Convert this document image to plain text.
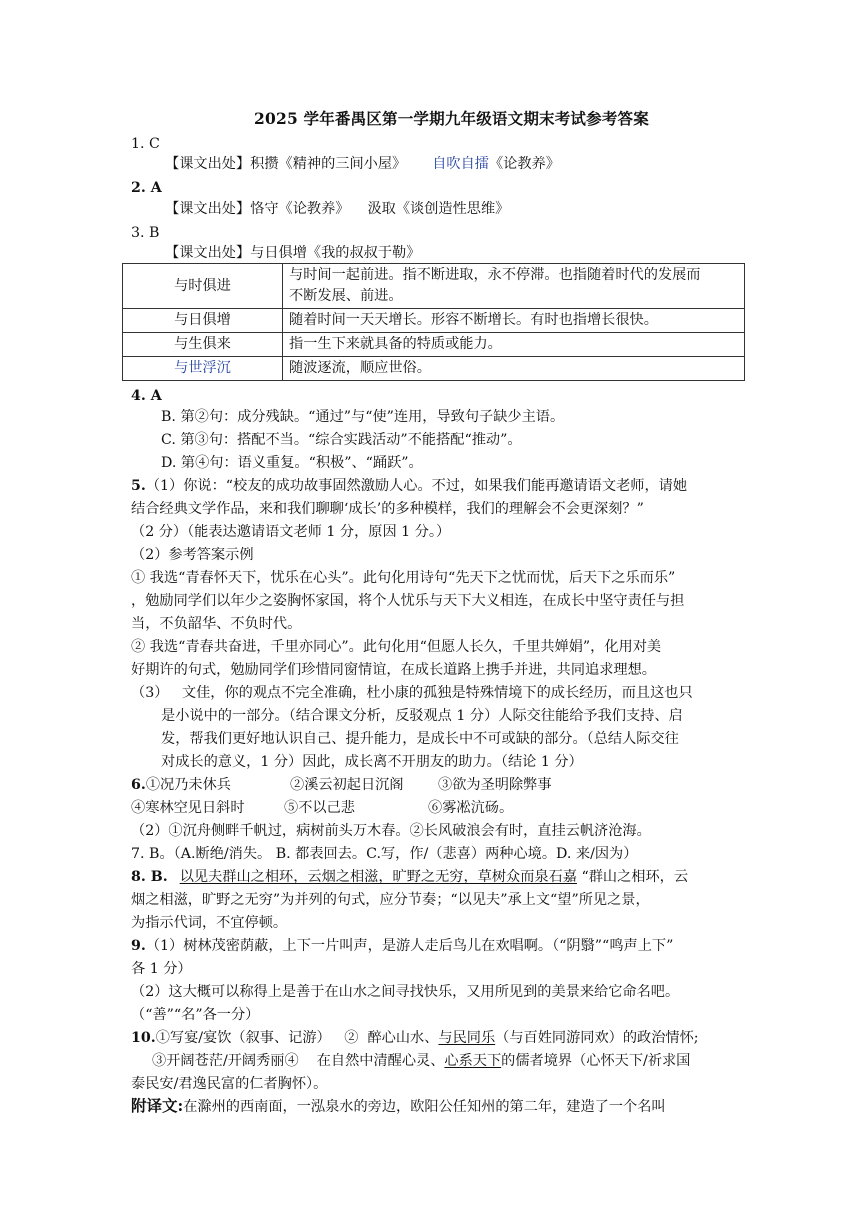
2025 学年番禺区第一学期九年级语文期末考试参考答案
1. C
【课文出处】积攒《精神的三间小屋》 自吹自擂《论教养》
2. A
【课文出处】恪守《论教养》    汲取《谈创造性思维》
3. B
【课文出处】与日俱增《我的叔叔于勒》
与时俱进	与时间一起前进。指不断进取，永不停滞。也指随着时代的发展而
不断发展、前进。
与日俱增	随着时间一天天增长。形容不断增长。有时也指增长很快。
与生俱来	指一生下来就具备的特质或能力。
与世浮沉	随波逐流，顺应世俗。
4. A
B. 第②句：成分残缺。“通过”与“使”连用，导致句子缺少主语。
C. 第③句：搭配不当。“综合实践活动”不能搭配“推动”。
D. 第④句：语义重复。“积极”、“踊跃”。
5.（1）你说：“校友的成功故事固然激励人心。不过，如果我们能再邀请语文老师，请她
结合经典文学作品，来和我们聊聊‘成长’的多种模样，我们的理解会不会更深刻？”
（2 分）（能表达邀请语文老师 1 分，原因 1 分。）
（2）参考答案示例
① 我选“青春怀天下，忧乐在心头”。此句化用诗句“先天下之忧而忧，后天下之乐而乐”
，勉励同学们以年少之姿胸怀家国，将个人忧乐与天下大义相连，在成长中坚守责任与担
当，不负韶华、不负时代。
② 我选“青春共奋进，千里亦同心”。此句化用“但愿人长久，千里共婵娟”，化用对美
好期许的句式，勉励同学们珍惜同窗情谊，在成长道路上携手并进，共同追求理想。
（3）   文佳，你的观点不完全准确，杜小康的孤独是特殊情境下的成长经历，而且这也只
是小说中的一部分。（结合课文分析，反驳观点 1 分）人际交往能给予我们支持、启
发，帮我们更好地认识自己、提升能力，是成长中不可或缺的部分。（总结人际交往
对成长的意义，1 分）因此，成长离不开朋友的助力。（结论 1 分）
6.①况乃未休兵	②溪云初起日沉阁 ③欲为圣明除弊事
④寒林空见日斜时	⑤不以己悲	⑥雾凇沆砀。
（2）①沉舟侧畔千帆过，病树前头万木春。②长风破浪会有时，直挂云帆济沧海。
7. B。（A.断绝/消失。 B. 都表回去。C.写，作/（悲喜）两种心境。D. 来/因为）
8. B. 以见夫群山之相环，云烟之相滋，旷野之无穷，草树众而泉石嘉 “群山之相环，云
烟之相滋，旷野之无穷”为并列的句式，应分节奏；“以见夫”承上文“望”所见之景，
为指示代词，不宜停顿。
9.（1）树林茂密荫蔽，上下一片叫声，是游人走后鸟儿在欢唱啊。（“阴翳”“鸣声上下”
各 1 分）
（2）这大概可以称得上是善于在山水之间寻找快乐，又用所见到的美景来给它命名吧。
（“善”“名”各一分）
10.①写宴/宴饮（叙事、记游）   ②  醉心山水、与民同乐（与百姓同游同欢）的政治情怀;
③开阔苍茫/开阔秀丽④    在自然中清醒心灵、心系天下的儒者境界（心怀天下/祈求国
泰民安/君逸民富的仁者胸怀）。
附译文:在滁州的西南面，一泓泉水的旁边，欧阳公任知州的第二年，建造了一个名叫
